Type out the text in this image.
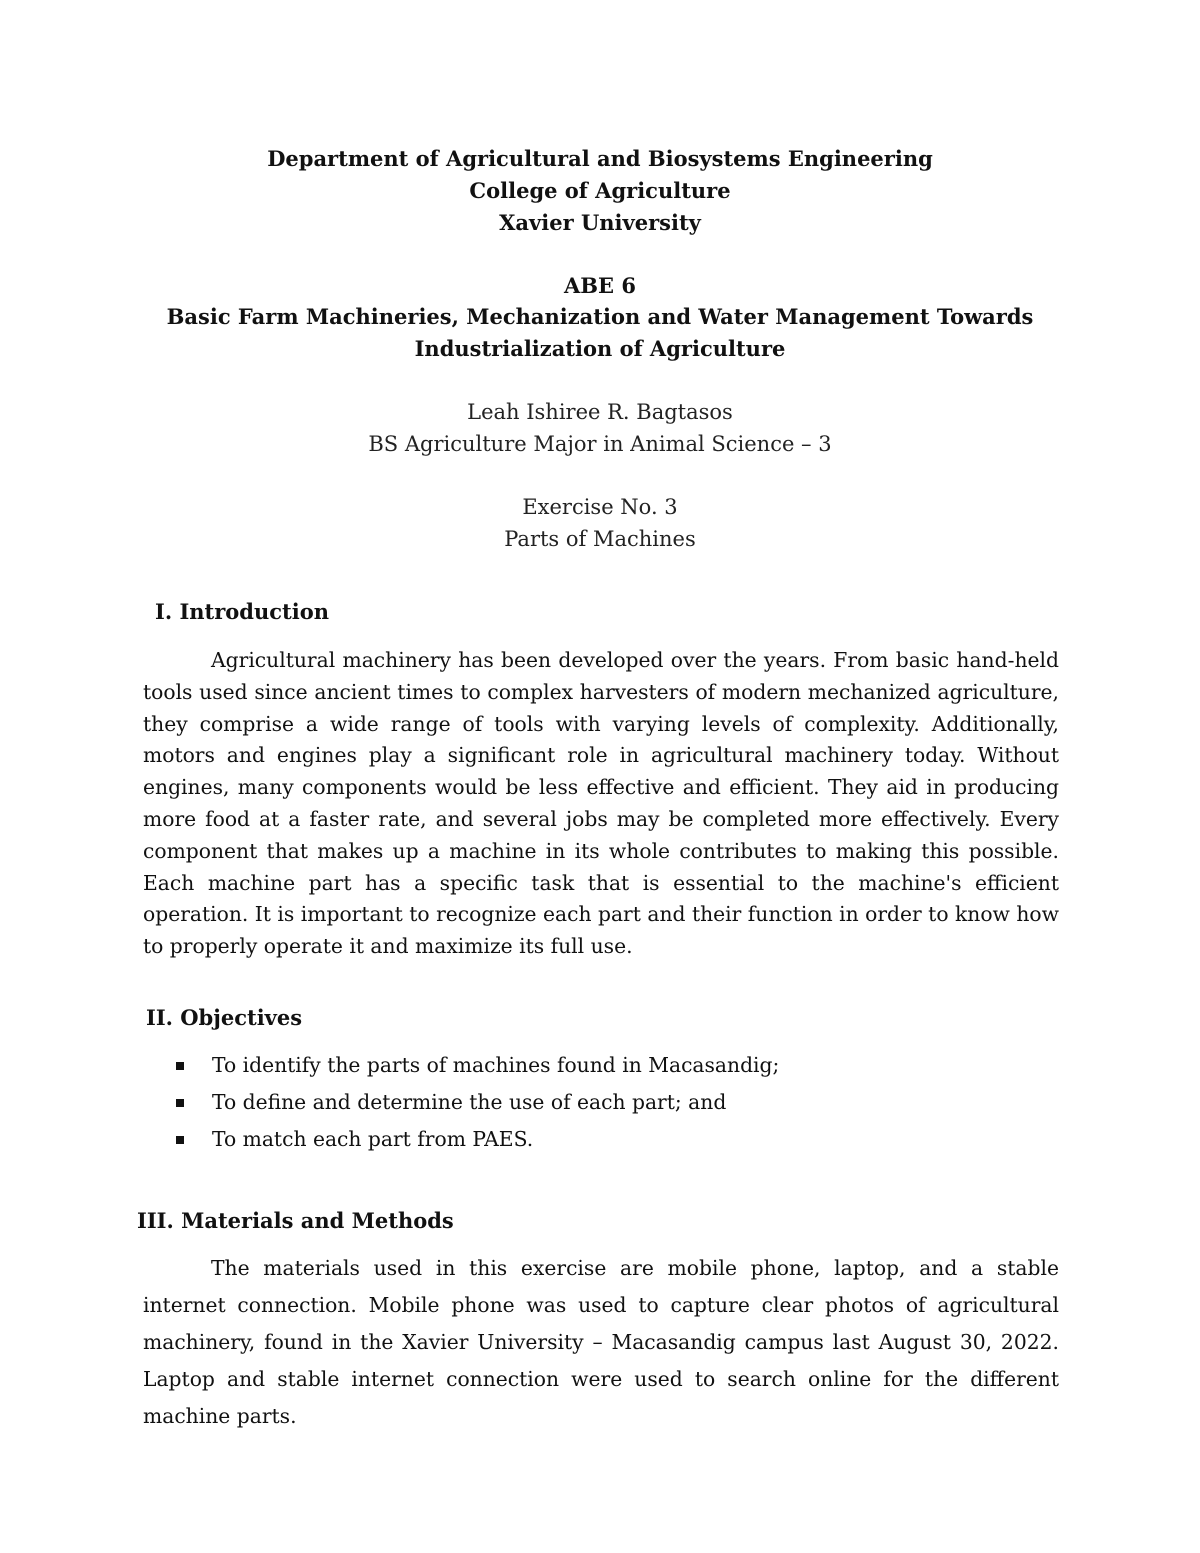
Department of Agricultural and Biosystems Engineering
College of Agriculture
Xavier University
ABE 6
Basic Farm Machineries, Mechanization and Water Management Towards
Industrialization of Agriculture
Leah Ishiree R. Bagtasos
BS Agriculture Major in Animal Science – 3
Exercise No. 3
Parts of Machines
I. Introduction
Agricultural machinery has been developed over the years. From basic hand-held tools used since ancient times to complex harvesters of modern mechanized agriculture, they comprise a wide range of tools with varying levels of complexity. Additionally, motors and engines play a significant role in agricultural machinery today. Without engines, many components would be less effective and efficient. They aid in producing more food at a faster rate, and several jobs may be completed more effectively. Every component that makes up a machine in its whole contributes to making this possible. Each machine part has a specific task that is essential to the machine's efficient operation. It is important to recognize each part and their function in order to know how to properly operate it and maximize its full use.
II. Objectives
To identify the parts of machines found in Macasandig;
To define and determine the use of each part; and
To match each part from PAES.
III. Materials and Methods
The materials used in this exercise are mobile phone, laptop, and a stable internet connection. Mobile phone was used to capture clear photos of agricultural machinery, found in the Xavier University – Macasandig campus last August 30, 2022. Laptop and stable internet connection were used to search online for the different machine parts.
